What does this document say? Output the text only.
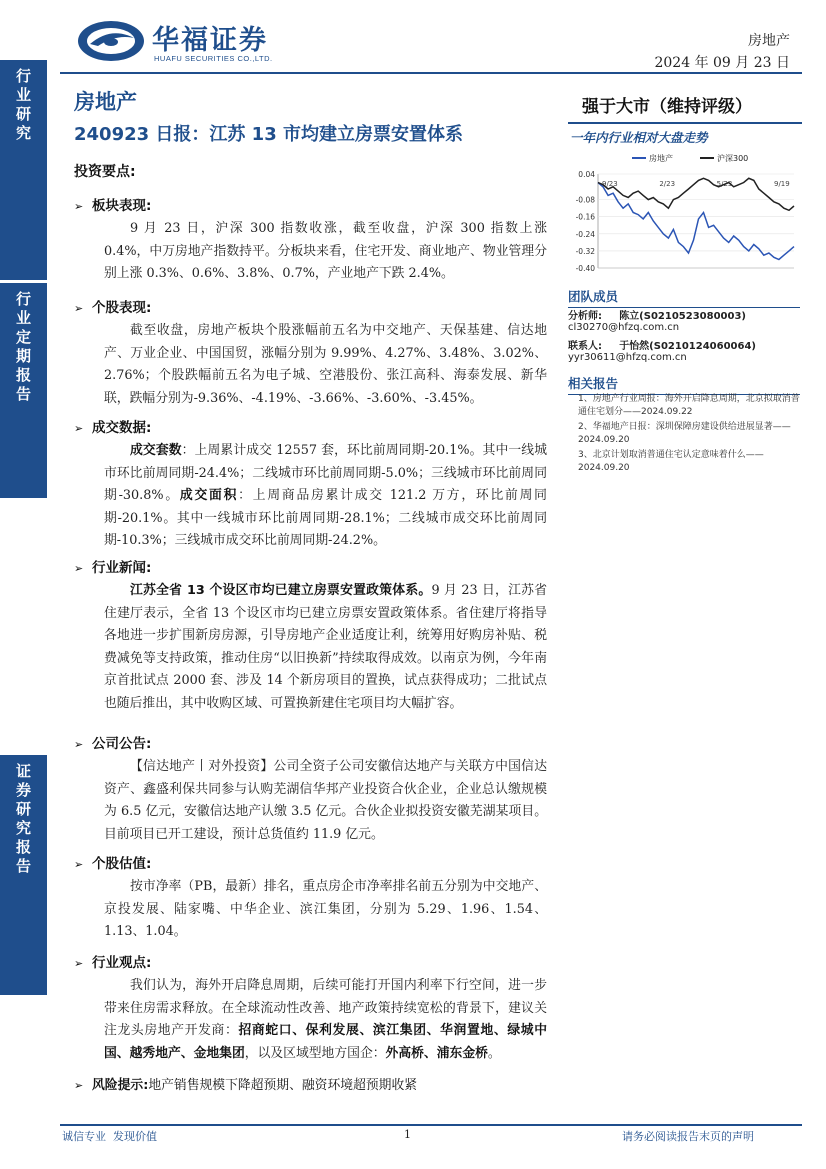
华福证券
HUAFU SECURITIES CO.,LTD.
房地产
2024 年 09 月 23 日
行业研究
行业定期报告
证券研究报告
房地产
240923 日报：江苏 13 市均建立房票安置体系
投资要点:
➢ 板块表现:
9 月 23 日，沪深 300 指数收涨，截至收盘，沪深 300 指数上涨 0.4%，中万房地产指数持平。分板块来看，住宅开发、商业地产、物业管理分别上涨 0.3%、0.6%、3.8%、0.7%，产业地产下跌 2.4%。
➢ 个股表现:
截至收盘，房地产板块个股涨幅前五名为中交地产、天保基建、信达地产、万业企业、中国国贸，涨幅分别为 9.99%、4.27%、3.48%、3.02%、2.76%；个股跌幅前五名为电子城、空港股份、张江高科、海泰发展、新华联，跌幅分别为-9.36%、-4.19%、-3.66%、-3.60%、-3.45%。
➢ 成交数据:
成交套数：上周累计成交 12557 套，环比前周同期-20.1%。其中一线城市环比前周同期-24.4%；二线城市环比前周同期-5.0%；三线城市环比前周同期-30.8%。成交面积：上周商品房累计成交 121.2 万方，环比前周同期-20.1%。其中一线城市环比前周同期-28.1%；二线城市成交环比前周同期-10.3%；三线城市成交环比前周同期-24.2%。
➢ 行业新闻:
江苏全省 13 个设区市均已建立房票安置政策体系。9 月 23 日，江苏省住建厅表示，全省 13 个设区市均已建立房票安置政策体系。省住建厅将指导各地进一步扩围新房房源，引导房地产企业适度让利，统筹用好购房补贴、税费减免等支持政策，推动住房“以旧换新”持续取得成效。以南京为例，今年南京首批试点 2000 套、涉及 14 个新房项目的置换，试点获得成功；二批试点也随后推出，其中收购区域、可置换新建住宅项目均大幅扩容。
➢ 公司公告:
【信达地产丨对外投资】公司全资子公司安徽信达地产与关联方中国信达资产、鑫盛利保共同参与认购芜湖信华邦产业投资合伙企业，企业总认缴规模为 6.5 亿元，安徽信达地产认缴 3.5 亿元。合伙企业拟投资安徽芜湖某项目。目前项目已开工建设，预计总货值约 11.9 亿元。
➢ 个股估值:
按市净率（PB，最新）排名，重点房企市净率排名前五分别为中交地产、京投发展、陆家嘴、中华企业、滨江集团，分别为 5.29、1.96、1.54、1.13、1.04。
➢ 行业观点:
我们认为，海外开启降息周期，后续可能打开国内利率下行空间，进一步带来住房需求释放。在全球流动性改善、地产政策持续宽松的背景下，建议关注龙头房地产开发商：招商蛇口、保利发展、滨江集团、华润置地、绿城中国、越秀地产、金地集团，以及区域型地方国企：外高桥、浦东金桥。
➢ 风险提示:地产销售规模下降超预期、融资环境超预期收紧
强于大市（维持评级）
一年内行业相对大盘走势
0.04
-0.08
-0.16
-0.24
-0.32
-0.40
9/23	2/23	5/23	9/19
房地产	沪深300
团队成员
分析师: 陈立(S0210523080003)
cl30270@hfzq.com.cn
联系人: 于怡然(S0210124060064)
yyr30611@hfzq.com.cn
相关报告
1、房地产行业周报：海外开启降息周期，北京拟取消普通住宅划分——2024.09.22
2、华福地产日报：深圳保障房建设供给进展显著——2024.09.20
3、北京计划取消普通住宅认定意味着什么——2024.09.20
诚信专业  发现价值	1	请务必阅读报告末页的声明
